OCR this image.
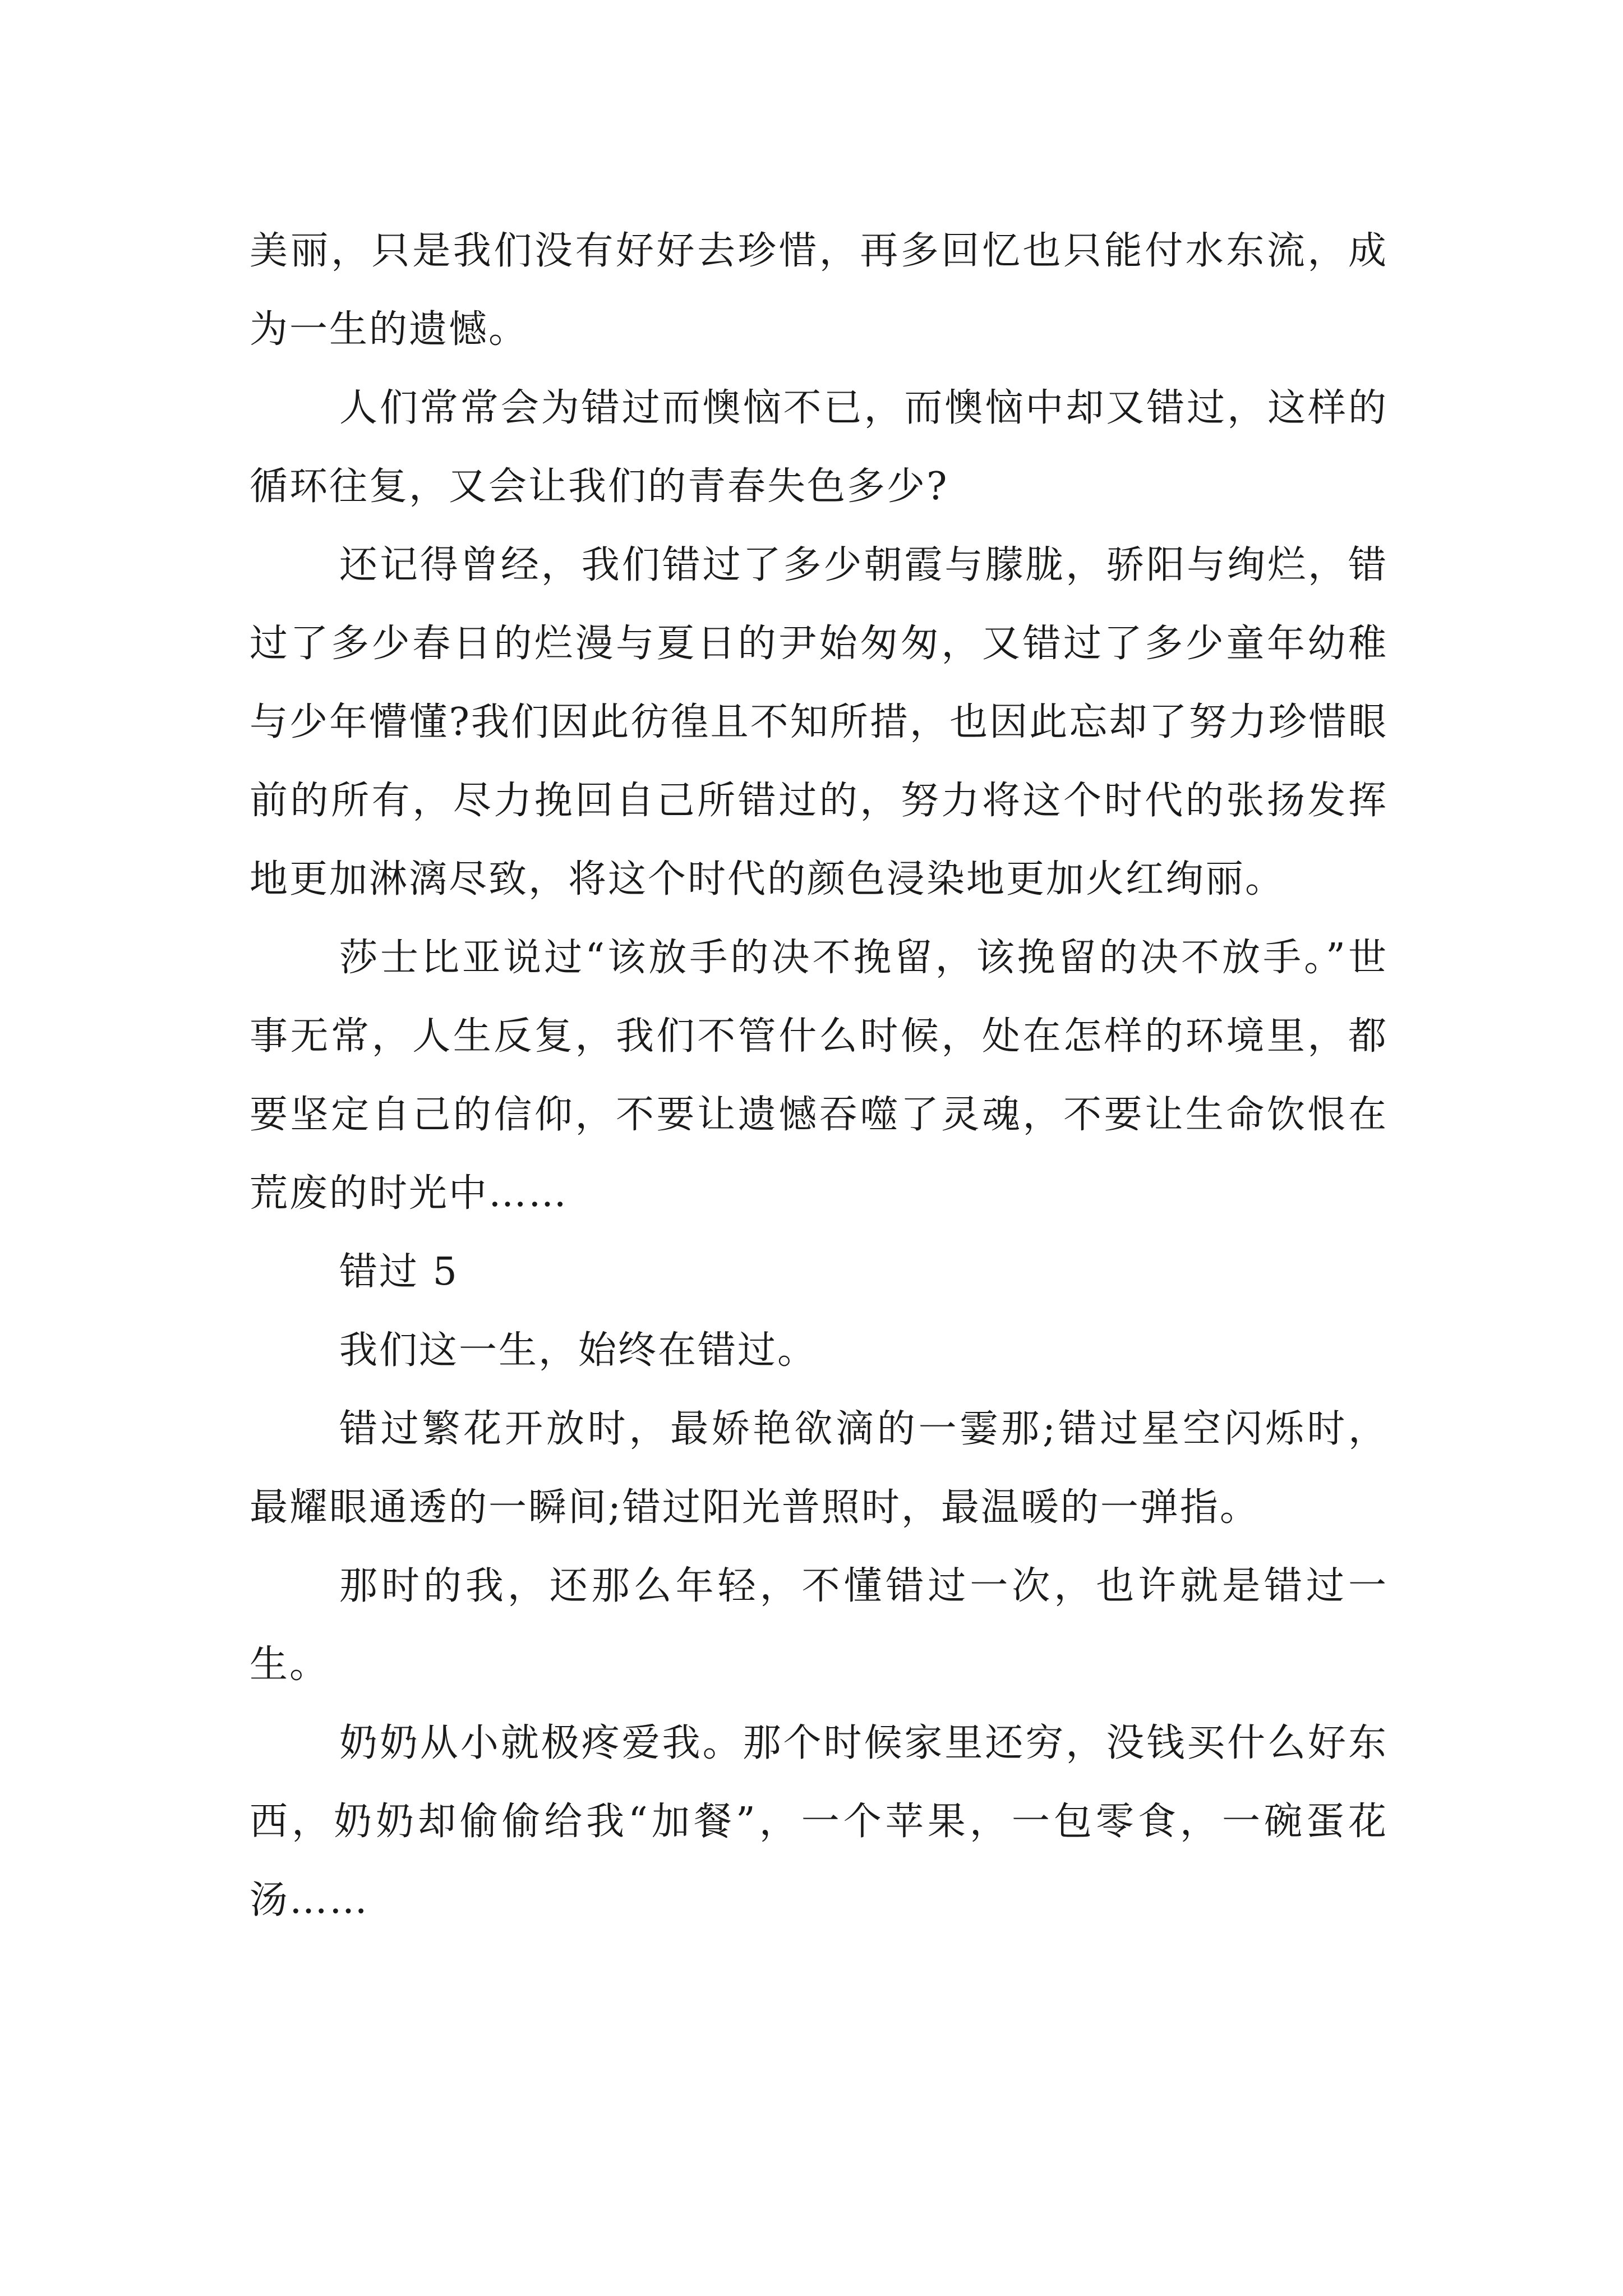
美丽，只是我们没有好好去珍惜，再多回忆也只能付水东流，成为一生的遗憾。

人们常常会为错过而懊恼不已，而懊恼中却又错过，这样的循环往复，又会让我们的青春失色多少?

还记得曾经，我们错过了多少朝霞与朦胧，骄阳与绚烂，错过了多少春日的烂漫与夏日的尹始匆匆，又错过了多少童年幼稚与少年懵懂?我们因此彷徨且不知所措，也因此忘却了努力珍惜眼前的所有，尽力挽回自己所错过的，努力将这个时代的张扬发挥地更加淋漓尽致，将这个时代的颜色浸染地更加火红绚丽。

莎士比亚说过“该放手的决不挽留，该挽留的决不放手。”世事无常，人生反复，我们不管什么时候，处在怎样的环境里，都要坚定自己的信仰，不要让遗憾吞噬了灵魂，不要让生命饮恨在荒废的时光中……

错过 5

我们这一生，始终在错过。

错过繁花开放时，最娇艳欲滴的一霎那;错过星空闪烁时，最耀眼通透的一瞬间;错过阳光普照时，最温暖的一弹指。

那时的我，还那么年轻，不懂错过一次，也许就是错过一生。

奶奶从小就极疼爱我。那个时候家里还穷，没钱买什么好东西，奶奶却偷偷给我“加餐”，一个苹果，一包零食，一碗蛋花汤……
